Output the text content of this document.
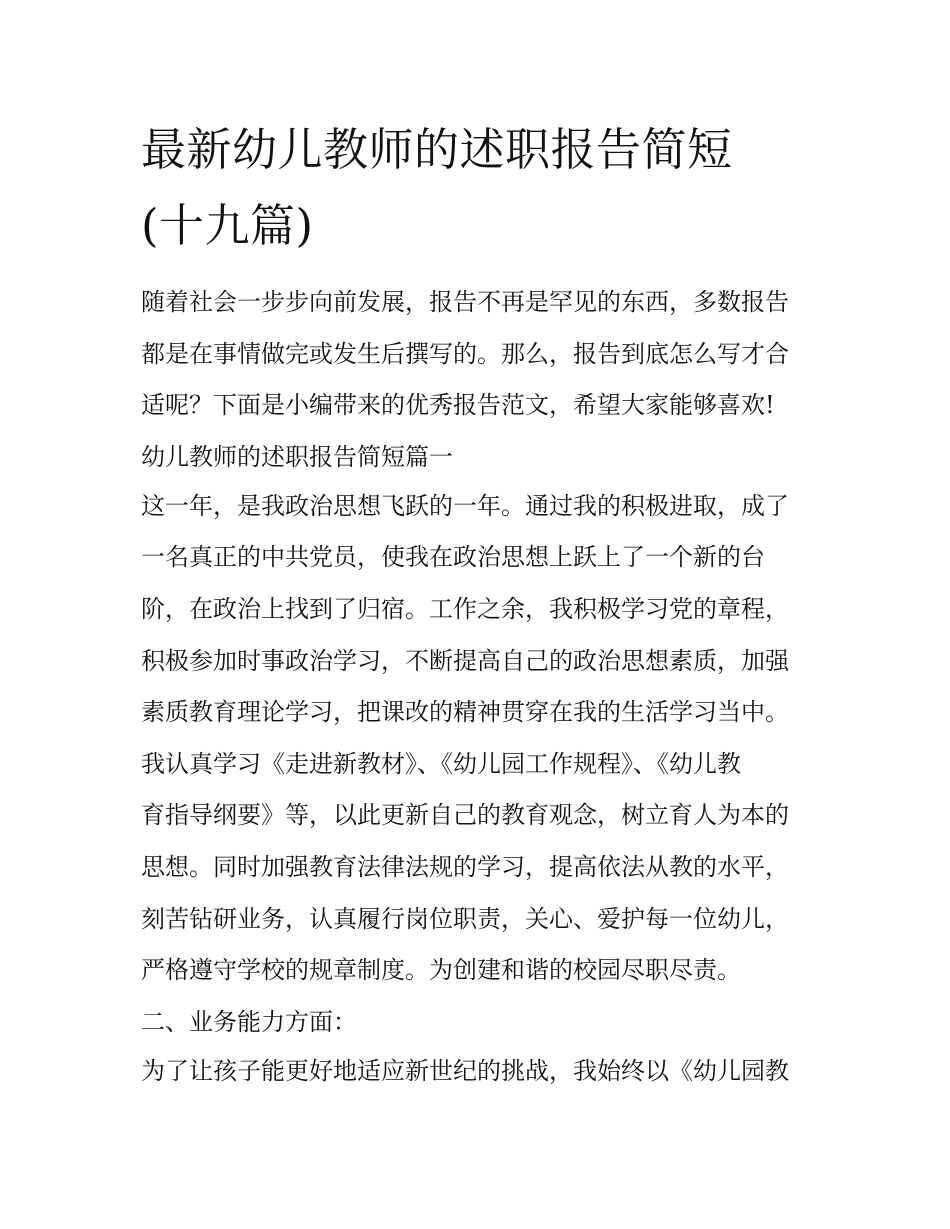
最新幼儿教师的述职报告简短
(十九篇)
随着社会一步步向前发展，报告不再是罕见的东西，多数报告
都是在事情做完或发生后撰写的。那么，报告到底怎么写才合
适呢？下面是小编带来的优秀报告范文，希望大家能够喜欢!
幼儿教师的述职报告简短篇一
这一年，是我政治思想飞跃的一年。通过我的积极进取，成了
一名真正的中共党员，使我在政治思想上跃上了一个新的台
阶，在政治上找到了归宿。工作之余，我积极学习党的章程，
积极参加时事政治学习，不断提高自己的政治思想素质，加强
素质教育理论学习，把课改的精神贯穿在我的生活学习当中。
我认真学习《走进新教材》、《幼儿园工作规程》、《幼儿教
育指导纲要》等，以此更新自己的教育观念，树立育人为本的
思想。同时加强教育法律法规的学习，提高依法从教的水平，
刻苦钻研业务，认真履行岗位职责，关心、爱护每一位幼儿，
严格遵守学校的规章制度。为创建和谐的校园尽职尽责。
二、业务能力方面：
为了让孩子能更好地适应新世纪的挑战，我始终以《幼儿园教
